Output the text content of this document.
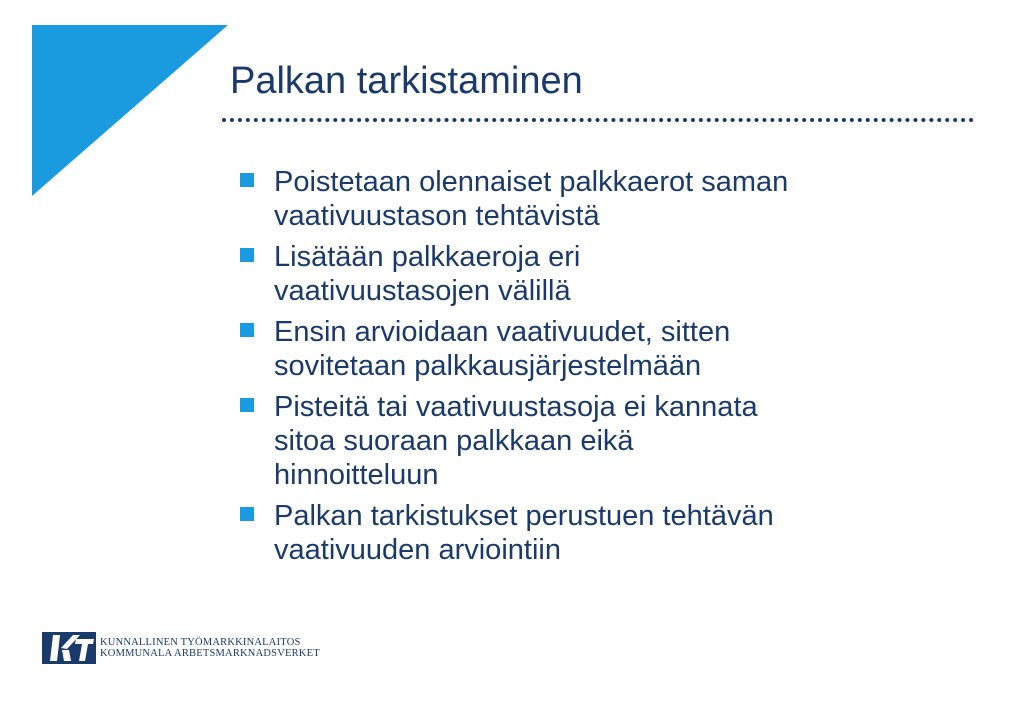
Palkan tarkistaminen
Poistetaan olennaiset palkkaerot saman
vaativuustason tehtävistä
Lisätään palkkaeroja eri
vaativuustasojen välillä
Ensin arvioidaan vaativuudet, sitten
sovitetaan palkkausjärjestelmään
Pisteitä tai vaativuustasoja ei kannata
sitoa suoraan palkkaan eikä
hinnoitteluun
Palkan tarkistukset perustuen tehtävän
vaativuuden arviointiin
KUNNALLINEN TYÖMARKKINALAITOS
KOMMUNALA ARBETSMARKNADSVERKET
